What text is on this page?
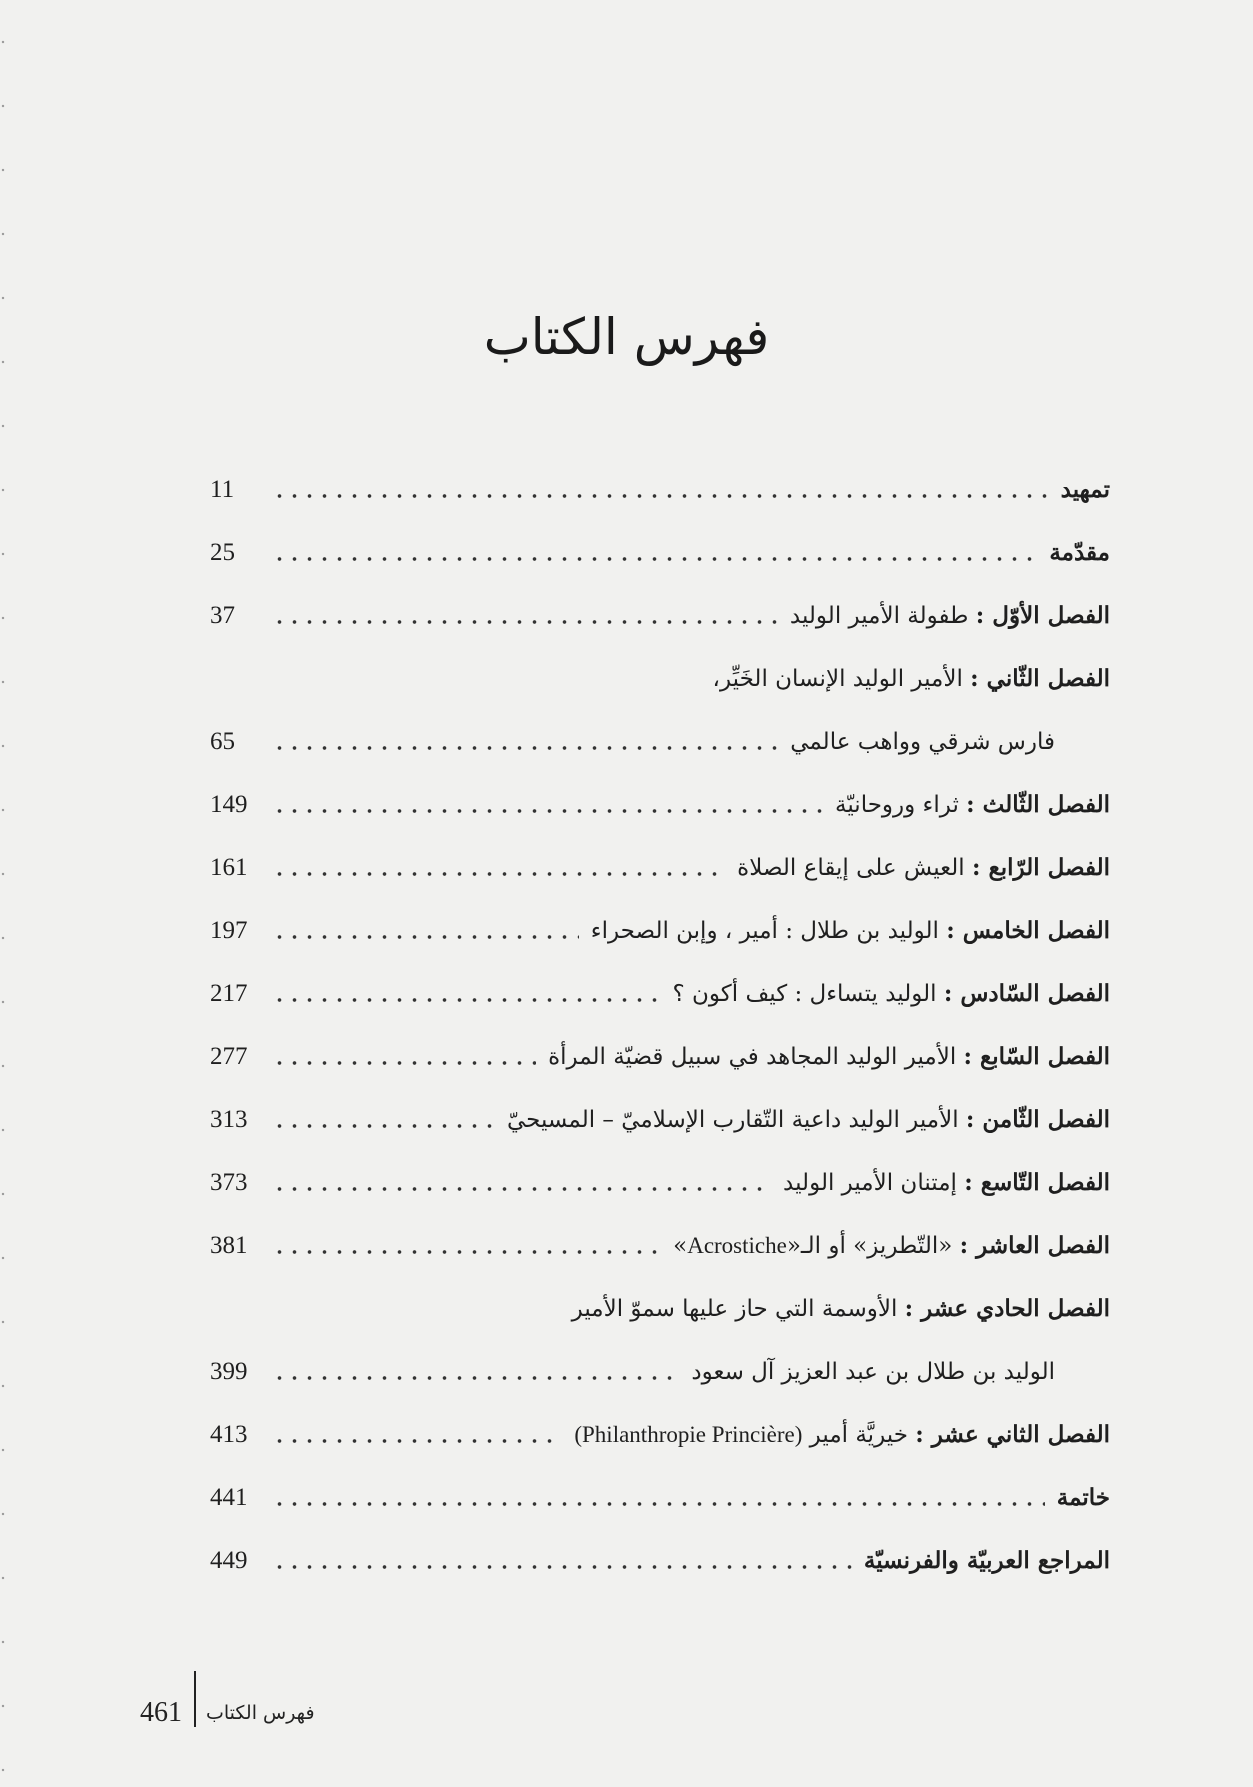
فهرس الكتاب
تمهيد
11
مقدّمة
25
الفصل الأوّل : طفولة الأمير الوليد
37
الفصل الثّاني : الأمير الوليد الإنسان الخَيِّر،
فارس شرقي وواهب عالمي
65
الفصل الثّالث : ثراء وروحانيّة
149
الفصل الرّابع : العيش على إيقاع الصلاة
161
الفصل الخامس : الوليد بن طلال : أمير ، وإبن الصحراء
197
الفصل السّادس : الوليد يتساءل : كيف أكون ؟
217
الفصل السّابع : الأمير الوليد المجاهد في سبيل قضيّة المرأة
277
الفصل الثّامن : الأمير الوليد داعية التّقارب الإسلاميّ – المسيحيّ
313
الفصل التّاسع : إمتنان الأمير الوليد
373
الفصل العاشر : «التّطريز» أو الـ«Acrostiche»
381
الفصل الحادي عشر : الأوسمة التي حاز عليها سموّ الأمير
الوليد بن طلال بن عبد العزيز آل سعود
399
الفصل الثاني عشر : خيريَّة أمير (Philanthropie Princière)
413
خاتمة
441
المراجع العربيّة والفرنسيّة
449
461 فهرس الكتاب
